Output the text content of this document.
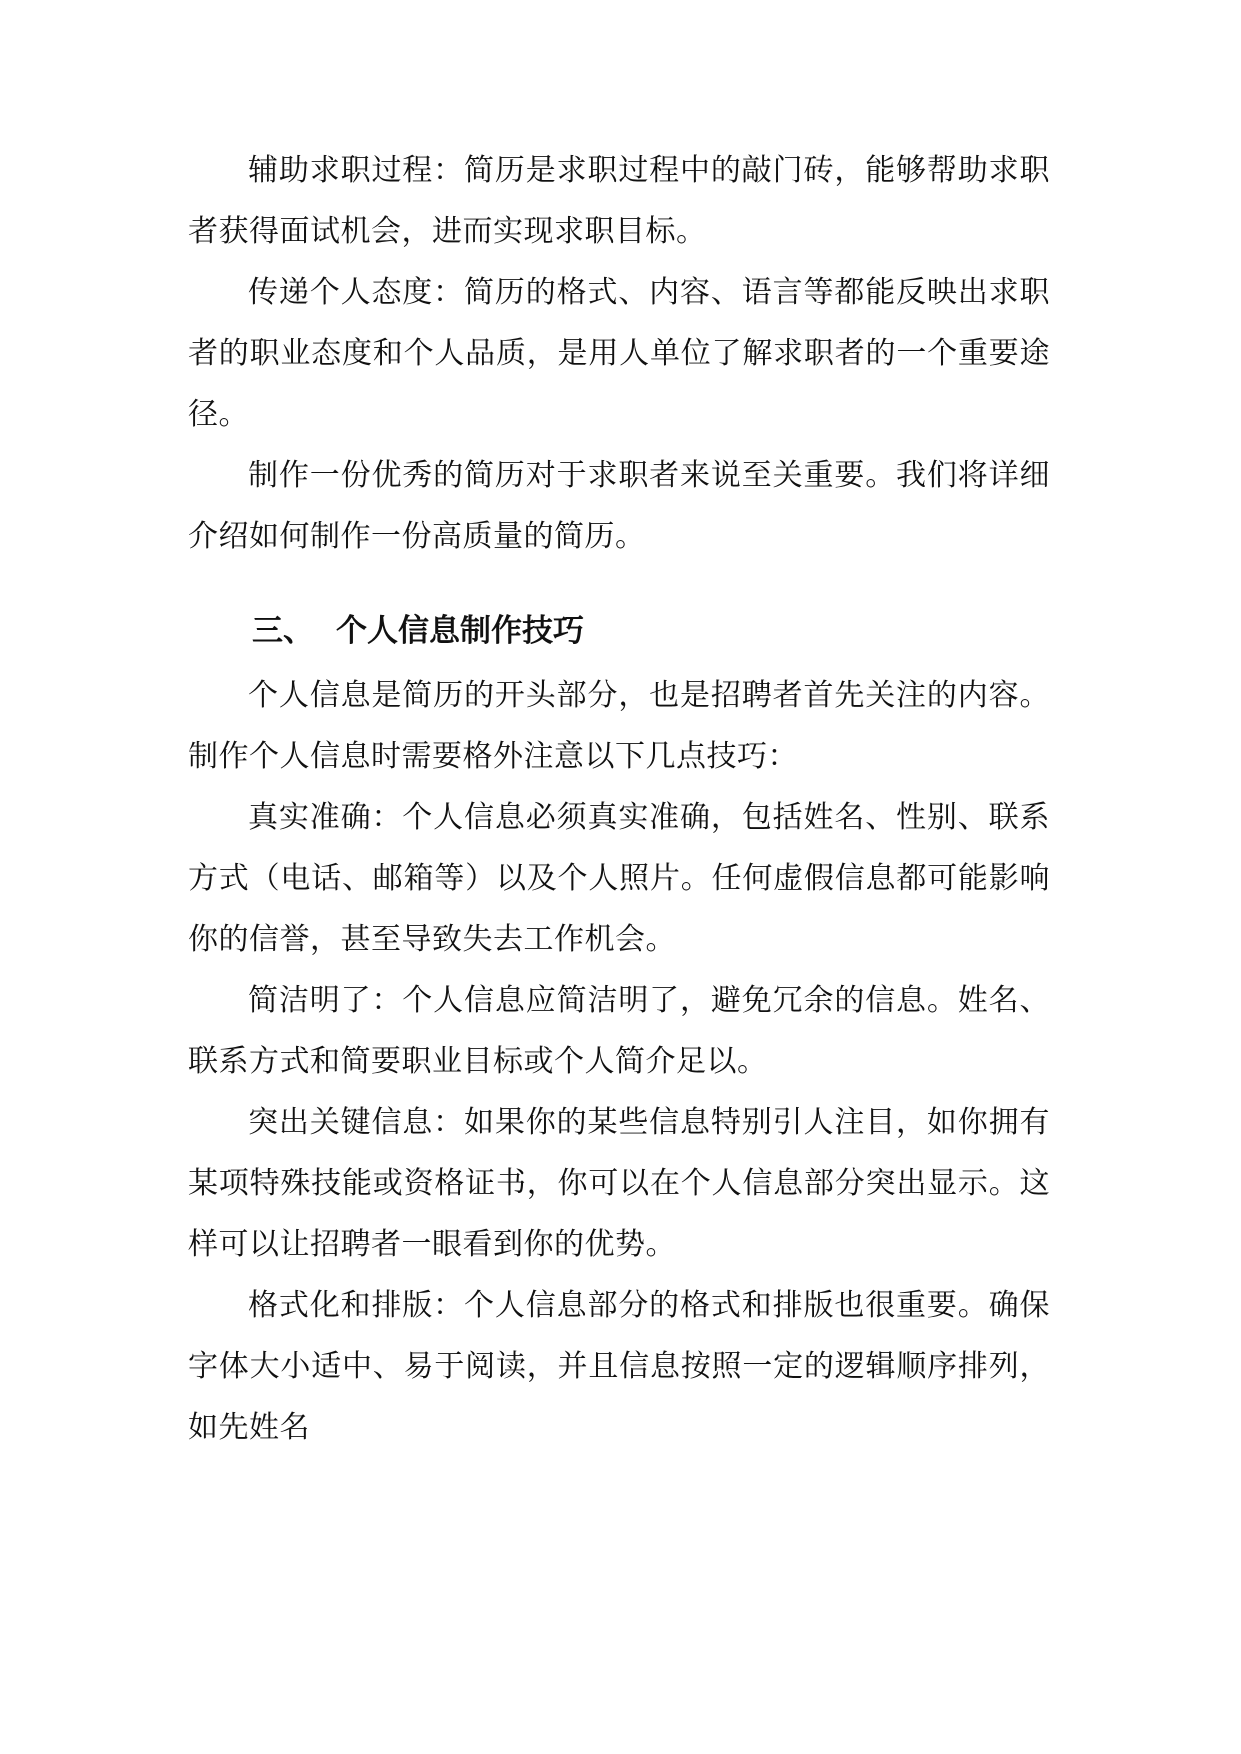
辅助求职过程：简历是求职过程中的敲门砖，能够帮助求职者获得面试机会，进而实现求职目标。

传递个人态度：简历的格式、内容、语言等都能反映出求职者的职业态度和个人品质，是用人单位了解求职者的一个重要途径。

制作一份优秀的简历对于求职者来说至关重要。我们将详细介绍如何制作一份高质量的简历。

三、 个人信息制作技巧

个人信息是简历的开头部分，也是招聘者首先关注的内容。制作个人信息时需要格外注意以下几点技巧：

真实准确：个人信息必须真实准确，包括姓名、性别、联系方式（电话、邮箱等）以及个人照片。任何虚假信息都可能影响你的信誉，甚至导致失去工作机会。

简洁明了：个人信息应简洁明了，避免冗余的信息。姓名、联系方式和简要职业目标或个人简介足以。

突出关键信息：如果你的某些信息特别引人注目，如你拥有某项特殊技能或资格证书，你可以在个人信息部分突出显示。这样可以让招聘者一眼看到你的优势。

格式化和排版：个人信息部分的格式和排版也很重要。确保字体大小适中、易于阅读，并且信息按照一定的逻辑顺序排列，如先姓名
